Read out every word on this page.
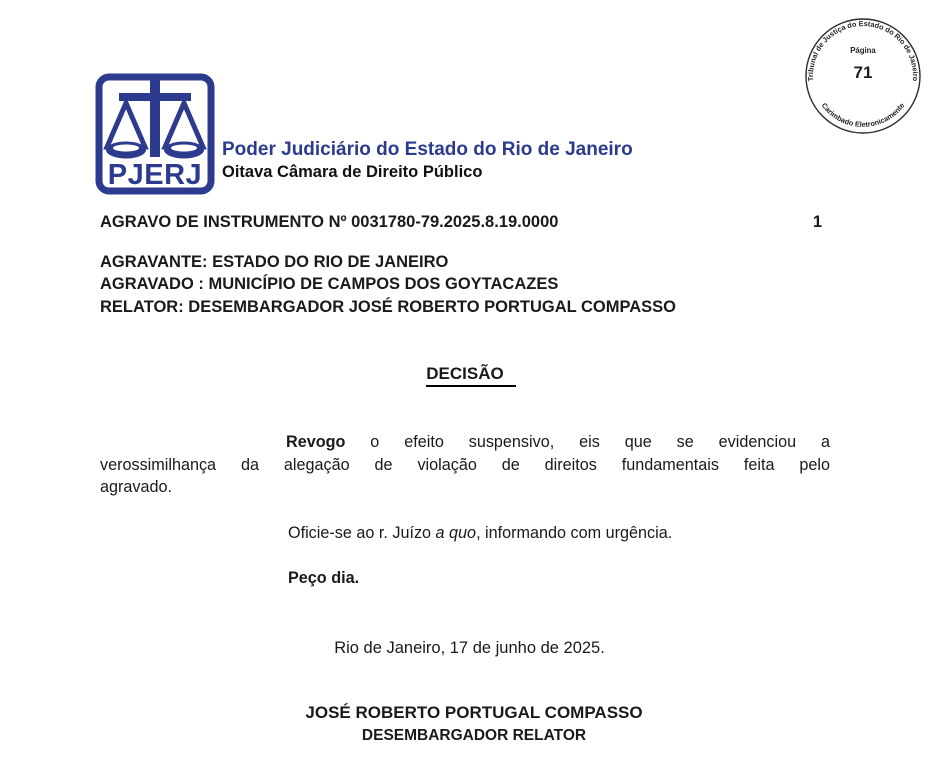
PJERJ
Poder Judiciário do Estado do Rio de Janeiro
Oitava Câmara de Direito Público
Tribunal de Justiça do Estado do Rio de Janeiro
Carimbado Eletronicamente
Página
71
AGRAVO DE INSTRUMENTO Nº 0031780-79.2025.8.19.0000	1
AGRAVANTE: ESTADO DO RIO DE JANEIRO
AGRAVADO : MUNICÍPIO DE CAMPOS DOS GOYTACAZES
RELATOR: DESEMBARGADOR JOSÉ ROBERTO PORTUGAL COMPASSO
DECISÃO
Revogo o efeito suspensivo, eis que se evidenciou a
verossimilhança da alegação de violação de direitos fundamentais feita pelo
agravado.
Oficie-se ao r. Juízo a quo, informando com urgência.
Peço dia.
Rio de Janeiro, 17 de junho de 2025.
JOSÉ ROBERTO PORTUGAL COMPASSO
DESEMBARGADOR RELATOR
